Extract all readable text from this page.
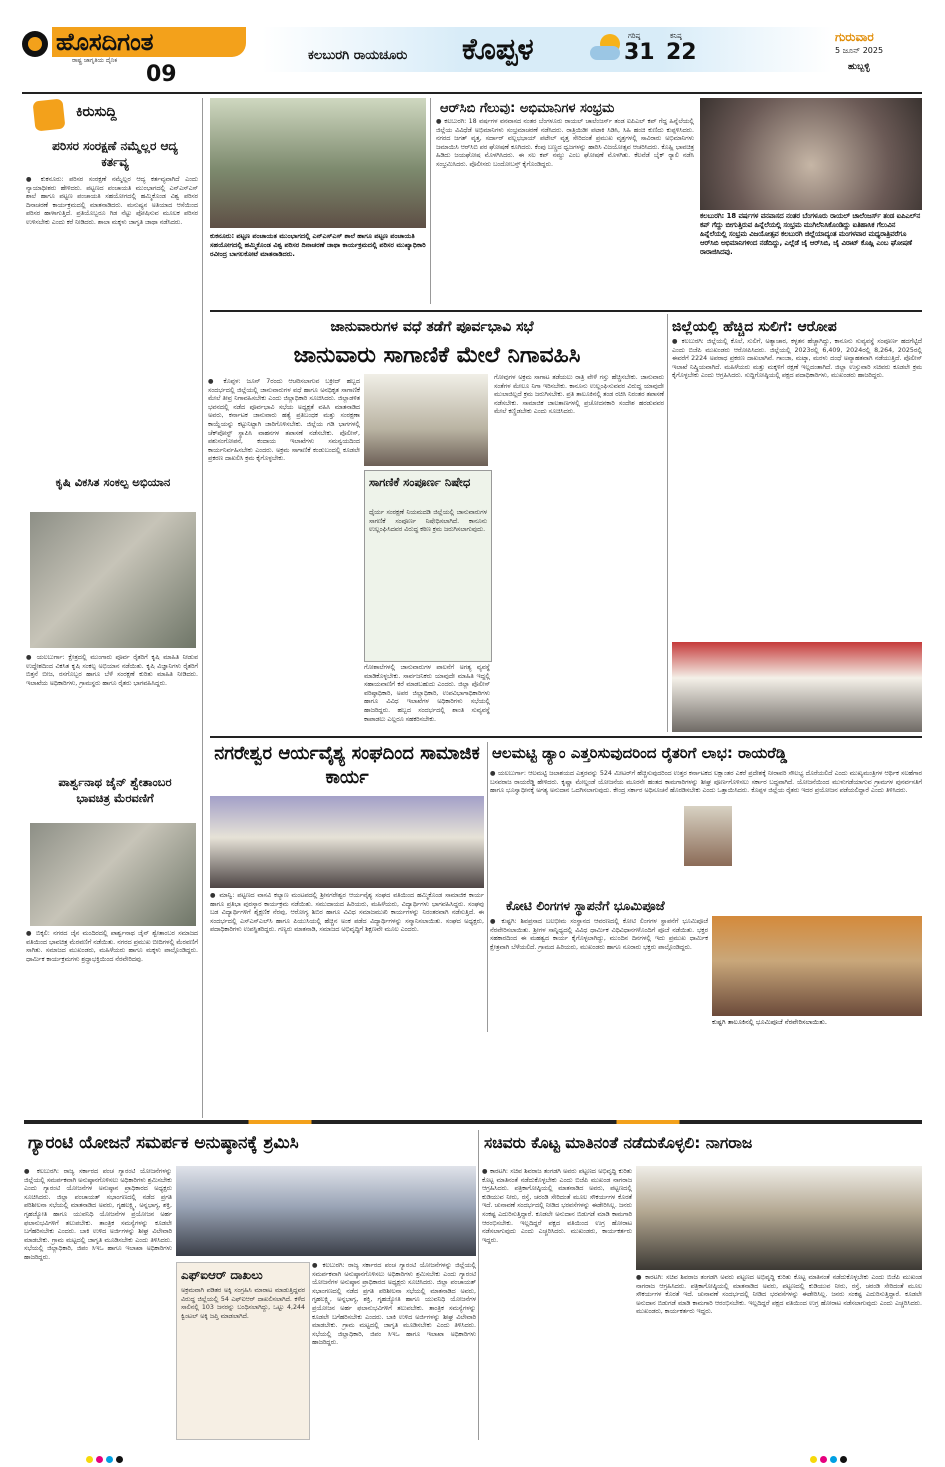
ಹೊಸದಿಗಂತ
ರಾಷ್ಟ್ರ ಜಾಗೃತಿಯ ದೈನಿಕ
09
ಕಲಬುರಗಿ ರಾಯಚೂರು ಕೊಪ್ಪಳ	ಗರಿಷ್ಠ
31
ಕನಿಷ್ಠ
22
ಗುರುವಾರ
5 ಜೂನ್ 2025
ಹುಬ್ಬಳ್ಳಿ
ಕಿರುಸುದ್ದಿ
ಪರಿಸರ ಸಂರಕ್ಷಣೆ ನಮ್ಮೆಲ್ಲರ ಆದ್ಯ ಕರ್ತವ್ಯ
● ಕುಕನೂರು: ಪರಿಸರ ಸಂರಕ್ಷಣೆ ನಮ್ಮೆಲ್ಲರ ಆದ್ಯ ಕರ್ತವ್ಯವಾಗಿದೆ ಎಂದು ನ್ಯಾಯಾಧೀಶರು ಹೇಳಿದರು. ಪಟ್ಟಣದ ಪಂಚಾಯತಿ ಮುಂಭಾಗದಲ್ಲಿ ಎನ್‌ಎಸ್ಎಸ್ ಶಾಲೆ ಹಾಗೂ ಪಟ್ಟಣ ಪಂಚಾಯತಿ ಸಹಯೋಗದಲ್ಲಿ ಹಮ್ಮಿಕೊಂಡ ವಿಶ್ವ ಪರಿಸರ ದಿನಾಚರಣೆ ಕಾರ್ಯಕ್ರಮದಲ್ಲಿ ಮಾತನಾಡಿದರು. ಮನುಷ್ಯನ ಅತಿಯಾದ ಆಸೆಯಿಂದ ಪರಿಸರ ಹಾಳಾಗುತ್ತಿದೆ. ಪ್ರತಿಯೊಬ್ಬರೂ ಗಿಡ ನೆಟ್ಟು ಪೋಷಿಸುವ ಮೂಲಕ ಪರಿಸರ ಉಳಿಸಬೇಕು ಎಂದು ಕರೆ ನೀಡಿದರು. ಶಾಲಾ ಮಕ್ಕಳು ಜಾಗೃತಿ ಜಾಥಾ ನಡೆಸಿದರು.
ಕೃಷಿ ವಿಕಸಿತ ಸಂಕಲ್ಪ ಅಭಿಯಾನ
● ಯಲಬುರ್ಗಾ: ಕ್ಷೇತ್ರದಲ್ಲಿ ಮುಂಗಾರು ಪೂರ್ವ ರೈತರಿಗೆ ಕೃಷಿ ಮಾಹಿತಿ ನೀಡುವ ಉದ್ದೇಶದಿಂದ ವಿಕಸಿತ ಕೃಷಿ ಸಂಕಲ್ಪ ಅಭಿಯಾನ ನಡೆಯಿತು. ಕೃಷಿ ವಿಜ್ಞಾನಿಗಳು ರೈತರಿಗೆ ಬಿತ್ತನೆ ಬೀಜ, ರಸಗೊಬ್ಬರ ಹಾಗೂ ಬೆಳೆ ಸಂರಕ್ಷಣೆ ಕುರಿತು ಮಾಹಿತಿ ನೀಡಿದರು. ಇಲಾಖೆಯ ಅಧಿಕಾರಿಗಳು, ಗ್ರಾಮಸ್ಥರು ಹಾಗೂ ರೈತರು ಭಾಗವಹಿಸಿದ್ದರು.
ಪಾರ್ಶ್ವನಾಥ ಜೈನ್ ಶ್ವೇತಾಂಬರ ಭಾವಚಿತ್ರ ಮೆರವಣಿಗೆ
● ಬಿಕ್ಕಲಿ: ನಗರದ ಜೈನ ಮಂದಿರದಲ್ಲಿ ಪಾರ್ಶ್ವನಾಥ ಜೈನ್ ಶ್ವೇತಾಂಬರ ಸಮಾಜದ ವತಿಯಿಂದ ಭಾವಚಿತ್ರ ಮೆರವಣಿಗೆ ನಡೆಯಿತು. ನಗರದ ಪ್ರಮುಖ ಬೀದಿಗಳಲ್ಲಿ ಮೆರವಣಿಗೆ ಸಾಗಿತು. ಸಮಾಜದ ಮುಖಂಡರು, ಮಹಿಳೆಯರು ಹಾಗೂ ಮಕ್ಕಳು ಪಾಲ್ಗೊಂಡಿದ್ದರು. ಧಾರ್ಮಿಕ ಕಾರ್ಯಕ್ರಮಗಳು ಶ್ರದ್ಧಾಭಕ್ತಿಯಿಂದ ನೆರವೇರಿದವು.
ಕುಕನೂರು: ಪಟ್ಟಣ ಪಂಚಾಯತ ಮುಂಭಾಗದಲ್ಲಿ ಎನ್‌ಎಸ್ಎಸ್ ಶಾಲೆ ಹಾಗೂ ಪಟ್ಟಣ ಪಂಚಾಯತಿ ಸಹಯೋಗದಲ್ಲಿ ಹಮ್ಮಿಕೊಂಡ ವಿಶ್ವ ಪರಿಸರ ದಿನಾಚರಣೆ ಜಾಥಾ ಕಾರ್ಯಕ್ರಮದಲ್ಲಿ ಪರಿಸರ ಮುಖ್ಯಾಧಿಕಾರಿ ರವೀಂದ್ರ ಬಾಗಲಕೋಟೆ ಮಾತನಾಡಿದರು.
ಆರ್‌ಸಿಬಿ ಗೆಲುವು: ಅಭಿಮಾನಿಗಳ ಸಂಭ್ರಮ
● ಕಲಬುರಗಿ: 18 ವರ್ಷಗಳ ವನವಾಸದ ನಂತರ ಬೆಂಗಳೂರು ರಾಯಲ್ ಚಾಲೆಂಜರ್ಸ್ ತಂಡ ಐಪಿಎಲ್ ಕಪ್ ಗೆದ್ದ ಹಿನ್ನೆಲೆಯಲ್ಲಿ ಜಿಲ್ಲೆಯ ವಿವಿಧೆಡೆ ಅಭಿಮಾನಿಗಳು ಸಂಭ್ರಮಾಚರಣೆ ನಡೆಸಿದರು. ರಾತ್ರಿಯಿಡೀ ಪಟಾಕಿ ಸಿಡಿಸಿ, ಸಿಹಿ ಹಂಚಿ ಕುಣಿದು ಕುಪ್ಪಳಿಸಿದರು. ನಗರದ ಜಗತ್ ವೃತ್ತ, ಸರ್ದಾರ್ ವಲ್ಲಭಭಾಯ್ ಪಟೇಲ್ ವೃತ್ತ ಸೇರಿದಂತೆ ಪ್ರಮುಖ ವೃತ್ತಗಳಲ್ಲಿ ಸಾವಿರಾರು ಅಭಿಮಾನಿಗಳು ಜಮಾಯಿಸಿ ಆರ್‌ಸಿಬಿ ಪರ ಘೋಷಣೆ ಕೂಗಿದರು. ಕೆಂಪು ಬಣ್ಣದ ಧ್ವಜಗಳನ್ನು ಹಾರಿಸಿ ವಿಜಯೋತ್ಸವ ಆಚರಿಸಿದರು. ಕೊಹ್ಲಿ ಭಾವಚಿತ್ರ ಹಿಡಿದು ಜಯಘೋಷ ಮೊಳಗಿಸಿದರು. ಈ ಸಲ ಕಪ್ ನಮ್ದು ಎಂಬ ಘೋಷಣೆ ಮೊಳಗಿತು. ಕೆಲವೆಡೆ ಬೈಕ್ ರ‍್ಯಾಲಿ ನಡೆಸಿ ಸಂಭ್ರಮಿಸಿದರು. ಪೊಲೀಸರು ಬಂದೋಬಸ್ತ್ ಕೈಗೊಂಡಿದ್ದರು.
ಕಲಬುರಗಿ: 18 ವರ್ಷಗಳ ವನವಾಸದ ನಂತರ ಬೆಂಗಳೂರು ರಾಯಲ್ ಚಾಲೆಂಜರ್ಸ್ ತಂಡ ಐಪಿಎಲ್‌ನ ಕಪ್ ಗೆದ್ದು ಬೀಗುತ್ತಿರುವ ಹಿನ್ನೆಲೆಯಲ್ಲಿ ಸಂಭ್ರಮ ಮುಗಿಲೆನಿಸಿಕೊಂಡಿದ್ದು ಐತಿಹಾಸಿಕ ಗೆಲುವಿನ ಹಿನ್ನೆಲೆಯಲ್ಲಿ ಸಂಭ್ರಮ ವಿಜಯೋತ್ಸವ ಕಲಬುರಗಿ ಜಿಲ್ಲೆಯಾದ್ಯಂತ ಮಂಗಳವಾರ ಮಧ್ಯರಾತ್ರಿವರೆಗೂ ಆರ್‌ಸಿಬಿ ಅಭಿಮಾನಿಗಳಿಂದ ನಡೆದಿದ್ದು, ಎಲ್ಲೆಡೆ ಜೈ ಆರ್‌ಸಿಬಿ, ಜೈ ವಿರಾಟ್ ಕೊಹ್ಲಿ ಎಂಬ ಘೋಷಣೆ ರಾರಾಜಿಸಿದವು.
ಜಾನುವಾರುಗಳ ವಧೆ ತಡೆಗೆ ಪೂರ್ವಭಾವಿ ಸಭೆ
ಜಾನುವಾರು ಸಾಗಾಣಿಕೆ ಮೇಲೆ ನಿಗಾವಹಿಸಿ
● ಕೊಪ್ಪಳ: ಜೂನ್ 7ರಂದು ಆಚರಿಸಲಾಗುವ ಬಕ್ರೀದ್ ಹಬ್ಬದ ಸಂದರ್ಭದಲ್ಲಿ ಜಿಲ್ಲೆಯಲ್ಲಿ ಜಾನುವಾರುಗಳ ವಧೆ ಹಾಗೂ ಅನಧಿಕೃತ ಸಾಗಾಣಿಕೆ ಮೇಲೆ ತೀವ್ರ ನಿಗಾವಹಿಸಬೇಕು ಎಂದು ಜಿಲ್ಲಾಧಿಕಾರಿ ಸೂಚಿಸಿದರು. ಜಿಲ್ಲಾಡಳಿತ ಭವನದಲ್ಲಿ ನಡೆದ ಪೂರ್ವಭಾವಿ ಸಭೆಯ ಅಧ್ಯಕ್ಷತೆ ವಹಿಸಿ ಮಾತನಾಡಿದ ಅವರು, ಕರ್ನಾಟಕ ಜಾನುವಾರು ಹತ್ಯೆ ಪ್ರತಿಬಂಧಕ ಮತ್ತು ಸಂರಕ್ಷಣಾ ಕಾಯ್ದೆಯನ್ನು ಕಟ್ಟುನಿಟ್ಟಾಗಿ ಜಾರಿಗೊಳಿಸಬೇಕು. ಜಿಲ್ಲೆಯ ಗಡಿ ಭಾಗಗಳಲ್ಲಿ ಚೆಕ್‌ಪೋಸ್ಟ್ ಸ್ಥಾಪಿಸಿ ವಾಹನಗಳ ತಪಾಸಣೆ ನಡೆಸಬೇಕು. ಪೊಲೀಸ್, ಪಶುಸಂಗೋಪನೆ, ಕಂದಾಯ ಇಲಾಖೆಗಳು ಸಮನ್ವಯದಿಂದ ಕಾರ್ಯನಿರ್ವಹಿಸಬೇಕು ಎಂದರು. ಅಕ್ರಮ ಸಾಗಾಣಿಕೆ ಕಂಡುಬಂದಲ್ಲಿ ಕೂಡಲೇ ಪ್ರಕರಣ ದಾಖಲಿಸಿ ಕ್ರಮ ಕೈಗೊಳ್ಳಬೇಕು.
ಸಾಗಣಿಕೆ ಸಂಪೂರ್ಣ ನಿಷೇಧ
ಧೈರ್ಯ ಸಂರಕ್ಷಣೆ ನಿಯಮದಡಿ ಜಿಲ್ಲೆಯಲ್ಲಿ ಜಾನುವಾರುಗಳ ಸಾಗಣಿಕೆ ಸಂಪೂರ್ಣ ನಿಷೇಧಿಸಲಾಗಿದೆ. ಕಾನೂನು ಉಲ್ಲಂಘಿಸಿದವರ ವಿರುದ್ಧ ಕಠಿಣ ಕ್ರಮ ಜರುಗಿಸಲಾಗುವುದು.
ಗೋಶಾಲೆಗಳಲ್ಲಿ ಜಾನುವಾರುಗಳ ಪಾಲನೆಗೆ ಅಗತ್ಯ ವ್ಯವಸ್ಥೆ ಮಾಡಿಕೊಳ್ಳಬೇಕು. ಸಾರ್ವಜನಿಕರು ಯಾವುದೇ ಮಾಹಿತಿ ಇದ್ದಲ್ಲಿ ಸಹಾಯವಾಣಿಗೆ ಕರೆ ಮಾಡಬಹುದು ಎಂದರು. ಜಿಲ್ಲಾ ಪೊಲೀಸ್ ವರಿಷ್ಠಾಧಿಕಾರಿ, ಅಪರ ಜಿಲ್ಲಾಧಿಕಾರಿ, ಉಪವಿಭಾಗಾಧಿಕಾರಿಗಳು ಹಾಗೂ ವಿವಿಧ ಇಲಾಖೆಗಳ ಅಧಿಕಾರಿಗಳು ಸಭೆಯಲ್ಲಿ ಹಾಜರಿದ್ದರು. ಹಬ್ಬದ ಸಂದರ್ಭದಲ್ಲಿ ಶಾಂತಿ ಸುವ್ಯವಸ್ಥೆ ಕಾಪಾಡಲು ಎಲ್ಲರೂ ಸಹಕರಿಸಬೇಕು.
ಗೋವುಗಳ ಅಕ್ರಮ ಸಾಗಾಟ ತಡೆಯಲು ರಾತ್ರಿ ವೇಳೆ ಗಸ್ತು ಹೆಚ್ಚಿಸಬೇಕು. ಜಾನುವಾರು ಸಂತೆಗಳ ಮೇಲೂ ನಿಗಾ ಇರಿಸಬೇಕು. ಕಾನೂನು ಉಲ್ಲಂಘಿಸುವವರ ವಿರುದ್ಧ ಯಾವುದೇ ಮುಲಾಜಿಲ್ಲದೆ ಕ್ರಮ ಜರುಗಿಸಬೇಕು. ಪ್ರತಿ ತಾಲೂಕಿನಲ್ಲಿ ತಂಡ ರಚಿಸಿ ನಿರಂತರ ತಪಾಸಣೆ ನಡೆಸಬೇಕು. ಸಾಮಾಜಿಕ ಜಾಲತಾಣಗಳಲ್ಲಿ ಪ್ರಚೋದನಕಾರಿ ಸಂದೇಶ ಹರಡುವವರ ಮೇಲೆ ಕಣ್ಣಿಡಬೇಕು ಎಂದು ಸೂಚಿಸಿದರು.
ಜಿಲ್ಲೆಯಲ್ಲಿ ಹೆಚ್ಚಿದ ಸುಲಿಗೆ: ಆರೋಪ
● ಕಲಬುರಗಿ: ಜಿಲ್ಲೆಯಲ್ಲಿ ಕೊಲೆ, ಸುಲಿಗೆ, ಅತ್ಯಾಚಾರ, ಕಳ್ಳತನ ಹೆಚ್ಚಾಗಿದ್ದು, ಕಾನೂನು ಸುವ್ಯವಸ್ಥೆ ಸಂಪೂರ್ಣ ಹದಗೆಟ್ಟಿದೆ ಎಂದು ಬಿಜೆಪಿ ಮುಖಂಡರು ಆರೋಪಿಸಿದರು. ಜಿಲ್ಲೆಯಲ್ಲಿ 2023ರಲ್ಲಿ 6,409, 2024ರಲ್ಲಿ 8,264, 2025ರಲ್ಲಿ ಈವರೆಗೆ 2224 ಅಪರಾಧ ಪ್ರಕರಣ ದಾಖಲಾಗಿವೆ. ಗಾಂಜಾ, ಮಟ್ಕಾ, ಮರಳು ದಂಧೆ ಅವ್ಯಾಹತವಾಗಿ ನಡೆಯುತ್ತಿದೆ. ಪೊಲೀಸ್ ಇಲಾಖೆ ನಿಷ್ಕ್ರಿಯವಾಗಿದೆ. ಮಹಿಳೆಯರು ಮತ್ತು ಮಕ್ಕಳಿಗೆ ರಕ್ಷಣೆ ಇಲ್ಲದಂತಾಗಿದೆ. ಜಿಲ್ಲಾ ಉಸ್ತುವಾರಿ ಸಚಿವರು ಕೂಡಲೇ ಕ್ರಮ ಕೈಗೊಳ್ಳಬೇಕು ಎಂದು ಆಗ್ರಹಿಸಿದರು. ಸುದ್ದಿಗೋಷ್ಠಿಯಲ್ಲಿ ಪಕ್ಷದ ಪದಾಧಿಕಾರಿಗಳು, ಮುಖಂಡರು ಹಾಜರಿದ್ದರು.
ನಗರೇಶ್ವರ ಆರ್ಯವೈಶ್ಯ ಸಂಘದಿಂದ ಸಾಮಾಜಿಕ ಕಾರ್ಯ
● ಮಾನ್ವಿ: ಪಟ್ಟಣದ ವಾಸವಿ ಕಲ್ಯಾಣ ಮಂಟಪದಲ್ಲಿ ಶ್ರೀನಗರೇಶ್ವರ ಆರ್ಯವೈಶ್ಯ ಸಂಘದ ವತಿಯಿಂದ ಹಮ್ಮಿಕೊಂಡ ಸಾಮಾಜಿಕ ಕಾರ್ಯ ಹಾಗೂ ಪ್ರತಿಭಾ ಪುರಸ್ಕಾರ ಕಾರ್ಯಕ್ರಮ ನಡೆಯಿತು. ಸಮುದಾಯದ ಹಿರಿಯರು, ಮಹಿಳೆಯರು, ವಿದ್ಯಾರ್ಥಿಗಳು ಭಾಗವಹಿಸಿದ್ದರು. ಸಂಘವು ಬಡ ವಿದ್ಯಾರ್ಥಿಗಳಿಗೆ ಶೈಕ್ಷಣಿಕ ನೆರವು, ಆರೋಗ್ಯ ಶಿಬಿರ ಹಾಗೂ ವಿವಿಧ ಸಮಾಜಮುಖಿ ಕಾರ್ಯಗಳನ್ನು ನಿರಂತರವಾಗಿ ನಡೆಸುತ್ತಿದೆ. ಈ ಸಂದರ್ಭದಲ್ಲಿ ಎಸ್ಎಸ್ಎಲ್‌ಸಿ ಹಾಗೂ ಪಿಯುಸಿಯಲ್ಲಿ ಹೆಚ್ಚಿನ ಅಂಕ ಪಡೆದ ವಿದ್ಯಾರ್ಥಿಗಳನ್ನು ಸನ್ಮಾನಿಸಲಾಯಿತು. ಸಂಘದ ಅಧ್ಯಕ್ಷರು, ಪದಾಧಿಕಾರಿಗಳು ಉಪಸ್ಥಿತರಿದ್ದರು. ಗಣ್ಯರು ಮಾತನಾಡಿ, ಸಮಾಜದ ಅಭಿವೃದ್ಧಿಗೆ ಶಿಕ್ಷಣವೇ ಮೂಲ ಎಂದರು.
ಆಲಮಟ್ಟಿ ಡ್ಯಾಂ ಎತ್ತರಿಸುವುದರಿಂದ ರೈತರಿಗೆ ಲಾಭ: ರಾಯರೆಡ್ಡಿ
● ಯಲಬುರ್ಗಾ: ಆಲಮಟ್ಟಿ ಜಲಾಶಯದ ಎತ್ತರವನ್ನು 524 ಮೀಟರ್‌ಗೆ ಹೆಚ್ಚಿಸುವುದರಿಂದ ಉತ್ತರ ಕರ್ನಾಟಕದ ಲಕ್ಷಾಂತರ ಎಕರೆ ಪ್ರದೇಶಕ್ಕೆ ನೀರಾವರಿ ಸೌಲಭ್ಯ ದೊರೆಯಲಿದೆ ಎಂದು ಮುಖ್ಯಮಂತ್ರಿಗಳ ಆರ್ಥಿಕ ಸಲಹೆಗಾರ ಬಸವರಾಜ ರಾಯರೆಡ್ಡಿ ಹೇಳಿದರು. ಕೃಷ್ಣಾ ಮೇಲ್ದಂಡೆ ಯೋಜನೆಯ ಮೂರನೇ ಹಂತದ ಕಾಮಗಾರಿಗಳನ್ನು ಶೀಘ್ರ ಪೂರ್ಣಗೊಳಿಸಲು ಸರ್ಕಾರ ಬದ್ಧವಾಗಿದೆ. ಯೋಜನೆಯಿಂದ ಮುಳುಗಡೆಯಾಗುವ ಗ್ರಾಮಗಳ ಪುನರ್ವಸತಿಗೆ ಹಾಗೂ ಭೂಸ್ವಾಧೀನಕ್ಕೆ ಅಗತ್ಯ ಅನುದಾನ ಒದಗಿಸಲಾಗುವುದು. ಕೇಂದ್ರ ಸರ್ಕಾರ ಅಧಿಸೂಚನೆ ಹೊರಡಿಸಬೇಕು ಎಂದು ಒತ್ತಾಯಿಸಿದರು. ಕೊಪ್ಪಳ ಜಿಲ್ಲೆಯ ರೈತರು ಇದರ ಪ್ರಯೋಜನ ಪಡೆಯಲಿದ್ದಾರೆ ಎಂದು ತಿಳಿಸಿದರು.
ಕೋಟಿ ಲಿಂಗಗಳ ಸ್ಥಾಪನೆಗೆ ಭೂಮಿಪೂಜೆ
● ಕುಷ್ಟಗಿ: ಶಿವಪ್ರಸಾದ ಬಲಭೀಮ ಸಂಸ್ಥಾನದ ಆವರಣದಲ್ಲಿ ಕೋಟಿ ಲಿಂಗಗಳ ಸ್ಥಾಪನೆಗೆ ಭೂಮಿಪೂಜೆ ನೆರವೇರಿಸಲಾಯಿತು. ಶ್ರೀಗಳ ಸಾನ್ನಿಧ್ಯದಲ್ಲಿ ವಿವಿಧ ಧಾರ್ಮಿಕ ವಿಧಿವಿಧಾನಗಳೊಂದಿಗೆ ಪೂಜೆ ನಡೆಯಿತು. ಭಕ್ತರ ಸಹಕಾರದಿಂದ ಈ ಮಹತ್ವದ ಕಾರ್ಯ ಕೈಗೊಳ್ಳಲಾಗಿದ್ದು, ಮುಂದಿನ ದಿನಗಳಲ್ಲಿ ಇದು ಪ್ರಮುಖ ಧಾರ್ಮಿಕ ಕ್ಷೇತ್ರವಾಗಿ ಬೆಳೆಯಲಿದೆ. ಗ್ರಾಮದ ಹಿರಿಯರು, ಮುಖಂಡರು ಹಾಗೂ ನೂರಾರು ಭಕ್ತರು ಪಾಲ್ಗೊಂಡಿದ್ದರು.
ಕುಷ್ಟಗಿ ತಾಲೂಕಿನಲ್ಲಿ ಭೂಮಿಪೂಜೆ ನೆರವೇರಿಸಲಾಯಿತು.
ಗ್ಯಾರಂಟಿ ಯೋಜನೆ ಸಮರ್ಪಕ ಅನುಷ್ಠಾನಕ್ಕೆ ಶ್ರಮಿಸಿ
● ಕಲಬುರಗಿ: ರಾಜ್ಯ ಸರ್ಕಾರದ ಪಂಚ ಗ್ಯಾರಂಟಿ ಯೋಜನೆಗಳನ್ನು ಜಿಲ್ಲೆಯಲ್ಲಿ ಸಮರ್ಪಕವಾಗಿ ಅನುಷ್ಠಾನಗೊಳಿಸಲು ಅಧಿಕಾರಿಗಳು ಶ್ರಮಿಸಬೇಕು ಎಂದು ಗ್ಯಾರಂಟಿ ಯೋಜನೆಗಳ ಅನುಷ್ಠಾನ ಪ್ರಾಧಿಕಾರದ ಅಧ್ಯಕ್ಷರು ಸೂಚಿಸಿದರು. ಜಿಲ್ಲಾ ಪಂಚಾಯತ್ ಸಭಾಂಗಣದಲ್ಲಿ ನಡೆದ ಪ್ರಗತಿ ಪರಿಶೀಲನಾ ಸಭೆಯಲ್ಲಿ ಮಾತನಾಡಿದ ಅವರು, ಗೃಹಲಕ್ಷ್ಮಿ, ಅನ್ನಭಾಗ್ಯ, ಶಕ್ತಿ, ಗೃಹಜ್ಯೋತಿ ಹಾಗೂ ಯುವನಿಧಿ ಯೋಜನೆಗಳ ಪ್ರಯೋಜನ ಅರ್ಹ ಫಲಾನುಭವಿಗಳಿಗೆ ತಲುಪಬೇಕು. ತಾಂತ್ರಿಕ ಸಮಸ್ಯೆಗಳನ್ನು ಕೂಡಲೇ ಬಗೆಹರಿಸಬೇಕು ಎಂದರು. ಬಾಕಿ ಉಳಿದ ಅರ್ಜಿಗಳನ್ನು ಶೀಘ್ರ ವಿಲೇವಾರಿ ಮಾಡಬೇಕು. ಗ್ರಾಮ ಮಟ್ಟದಲ್ಲಿ ಜಾಗೃತಿ ಮೂಡಿಸಬೇಕು ಎಂದು ತಿಳಿಸಿದರು. ಸಭೆಯಲ್ಲಿ ಜಿಲ್ಲಾಧಿಕಾರಿ, ಜಿಪಂ ಸಿಇಒ ಹಾಗೂ ಇಲಾಖಾ ಅಧಿಕಾರಿಗಳು ಹಾಜರಿದ್ದರು.
ಎಫ್‌ಐಆರ್ ದಾಖಲು
ಅಕ್ರಮವಾಗಿ ಪಡಿತರ ಅಕ್ಕಿ ಸಂಗ್ರಹಿಸಿ ಮಾರಾಟ ಮಾಡುತ್ತಿದ್ದವರ ವಿರುದ್ಧ ಜಿಲ್ಲೆಯಲ್ಲಿ 54 ಎಫ್‌ಐಆರ್ ದಾಖಲಿಸಲಾಗಿದೆ. ಕಳೆದ ಸಾಲಿನಲ್ಲಿ 103 ಜನರನ್ನು ಬಂಧಿಸಲಾಗಿದ್ದು, ಒಟ್ಟು 4,244 ಕ್ವಿಂಟಲ್ ಅಕ್ಕಿ ಜಪ್ತಿ ಮಾಡಲಾಗಿದೆ.
● ಕಲಬುರಗಿ: ರಾಜ್ಯ ಸರ್ಕಾರದ ಪಂಚ ಗ್ಯಾರಂಟಿ ಯೋಜನೆಗಳನ್ನು ಜಿಲ್ಲೆಯಲ್ಲಿ ಸಮರ್ಪಕವಾಗಿ ಅನುಷ್ಠಾನಗೊಳಿಸಲು ಅಧಿಕಾರಿಗಳು ಶ್ರಮಿಸಬೇಕು ಎಂದು ಗ್ಯಾರಂಟಿ ಯೋಜನೆಗಳ ಅನುಷ್ಠಾನ ಪ್ರಾಧಿಕಾರದ ಅಧ್ಯಕ್ಷರು ಸೂಚಿಸಿದರು. ಜಿಲ್ಲಾ ಪಂಚಾಯತ್ ಸಭಾಂಗಣದಲ್ಲಿ ನಡೆದ ಪ್ರಗತಿ ಪರಿಶೀಲನಾ ಸಭೆಯಲ್ಲಿ ಮಾತನಾಡಿದ ಅವರು, ಗೃಹಲಕ್ಷ್ಮಿ, ಅನ್ನಭಾಗ್ಯ, ಶಕ್ತಿ, ಗೃಹಜ್ಯೋತಿ ಹಾಗೂ ಯುವನಿಧಿ ಯೋಜನೆಗಳ ಪ್ರಯೋಜನ ಅರ್ಹ ಫಲಾನುಭವಿಗಳಿಗೆ ತಲುಪಬೇಕು. ತಾಂತ್ರಿಕ ಸಮಸ್ಯೆಗಳನ್ನು ಕೂಡಲೇ ಬಗೆಹರಿಸಬೇಕು ಎಂದರು. ಬಾಕಿ ಉಳಿದ ಅರ್ಜಿಗಳನ್ನು ಶೀಘ್ರ ವಿಲೇವಾರಿ ಮಾಡಬೇಕು. ಗ್ರಾಮ ಮಟ್ಟದಲ್ಲಿ ಜಾಗೃತಿ ಮೂಡಿಸಬೇಕು ಎಂದು ತಿಳಿಸಿದರು. ಸಭೆಯಲ್ಲಿ ಜಿಲ್ಲಾಧಿಕಾರಿ, ಜಿಪಂ ಸಿಇಒ ಹಾಗೂ ಇಲಾಖಾ ಅಧಿಕಾರಿಗಳು ಹಾಜರಿದ್ದರು.
ಸಚಿವರು ಕೊಟ್ಟ ಮಾತಿನಂತೆ ನಡೆದುಕೊಳ್ಳಲಿ: ನಾಗರಾಜ
● ಕಾರಟಗಿ: ಸಚಿವ ಶಿವರಾಜ ತಂಗಡಗಿ ಅವರು ಪಟ್ಟಣದ ಅಭಿವೃದ್ಧಿ ಕುರಿತು ಕೊಟ್ಟ ಮಾತಿನಂತೆ ನಡೆದುಕೊಳ್ಳಬೇಕು ಎಂದು ಬಿಜೆಪಿ ಮುಖಂಡ ನಾಗರಾಜ ಆಗ್ರಹಿಸಿದರು. ಪತ್ರಿಕಾಗೋಷ್ಠಿಯಲ್ಲಿ ಮಾತನಾಡಿದ ಅವರು, ಪಟ್ಟಣದಲ್ಲಿ ಕುಡಿಯುವ ನೀರು, ರಸ್ತೆ, ಚರಂಡಿ ಸೇರಿದಂತೆ ಮೂಲ ಸೌಕರ್ಯಗಳ ಕೊರತೆ ಇದೆ. ಚುನಾವಣೆ ಸಂದರ್ಭದಲ್ಲಿ ನೀಡಿದ ಭರವಸೆಗಳನ್ನು ಈಡೇರಿಸಿಲ್ಲ. ಜನರು ಸಂಕಷ್ಟ ಎದುರಿಸುತ್ತಿದ್ದಾರೆ. ಕೂಡಲೇ ಅನುದಾನ ಬಿಡುಗಡೆ ಮಾಡಿ ಕಾಮಗಾರಿ ಆರಂಭಿಸಬೇಕು. ಇಲ್ಲದಿದ್ದರೆ ಪಕ್ಷದ ವತಿಯಿಂದ ಉಗ್ರ ಹೋರಾಟ ನಡೆಸಲಾಗುವುದು ಎಂದು ಎಚ್ಚರಿಸಿದರು. ಮುಖಂಡರು, ಕಾರ್ಯಕರ್ತರು ಇದ್ದರು.
● ಕಾರಟಗಿ: ಸಚಿವ ಶಿವರಾಜ ತಂಗಡಗಿ ಅವರು ಪಟ್ಟಣದ ಅಭಿವೃದ್ಧಿ ಕುರಿತು ಕೊಟ್ಟ ಮಾತಿನಂತೆ ನಡೆದುಕೊಳ್ಳಬೇಕು ಎಂದು ಬಿಜೆಪಿ ಮುಖಂಡ ನಾಗರಾಜ ಆಗ್ರಹಿಸಿದರು. ಪತ್ರಿಕಾಗೋಷ್ಠಿಯಲ್ಲಿ ಮಾತನಾಡಿದ ಅವರು, ಪಟ್ಟಣದಲ್ಲಿ ಕುಡಿಯುವ ನೀರು, ರಸ್ತೆ, ಚರಂಡಿ ಸೇರಿದಂತೆ ಮೂಲ ಸೌಕರ್ಯಗಳ ಕೊರತೆ ಇದೆ. ಚುನಾವಣೆ ಸಂದರ್ಭದಲ್ಲಿ ನೀಡಿದ ಭರವಸೆಗಳನ್ನು ಈಡೇರಿಸಿಲ್ಲ. ಜನರು ಸಂಕಷ್ಟ ಎದುರಿಸುತ್ತಿದ್ದಾರೆ. ಕೂಡಲೇ ಅನುದಾನ ಬಿಡುಗಡೆ ಮಾಡಿ ಕಾಮಗಾರಿ ಆರಂಭಿಸಬೇಕು. ಇಲ್ಲದಿದ್ದರೆ ಪಕ್ಷದ ವತಿಯಿಂದ ಉಗ್ರ ಹೋರಾಟ ನಡೆಸಲಾಗುವುದು ಎಂದು ಎಚ್ಚರಿಸಿದರು. ಮುಖಂಡರು, ಕಾರ್ಯಕರ್ತರು ಇದ್ದರು.
